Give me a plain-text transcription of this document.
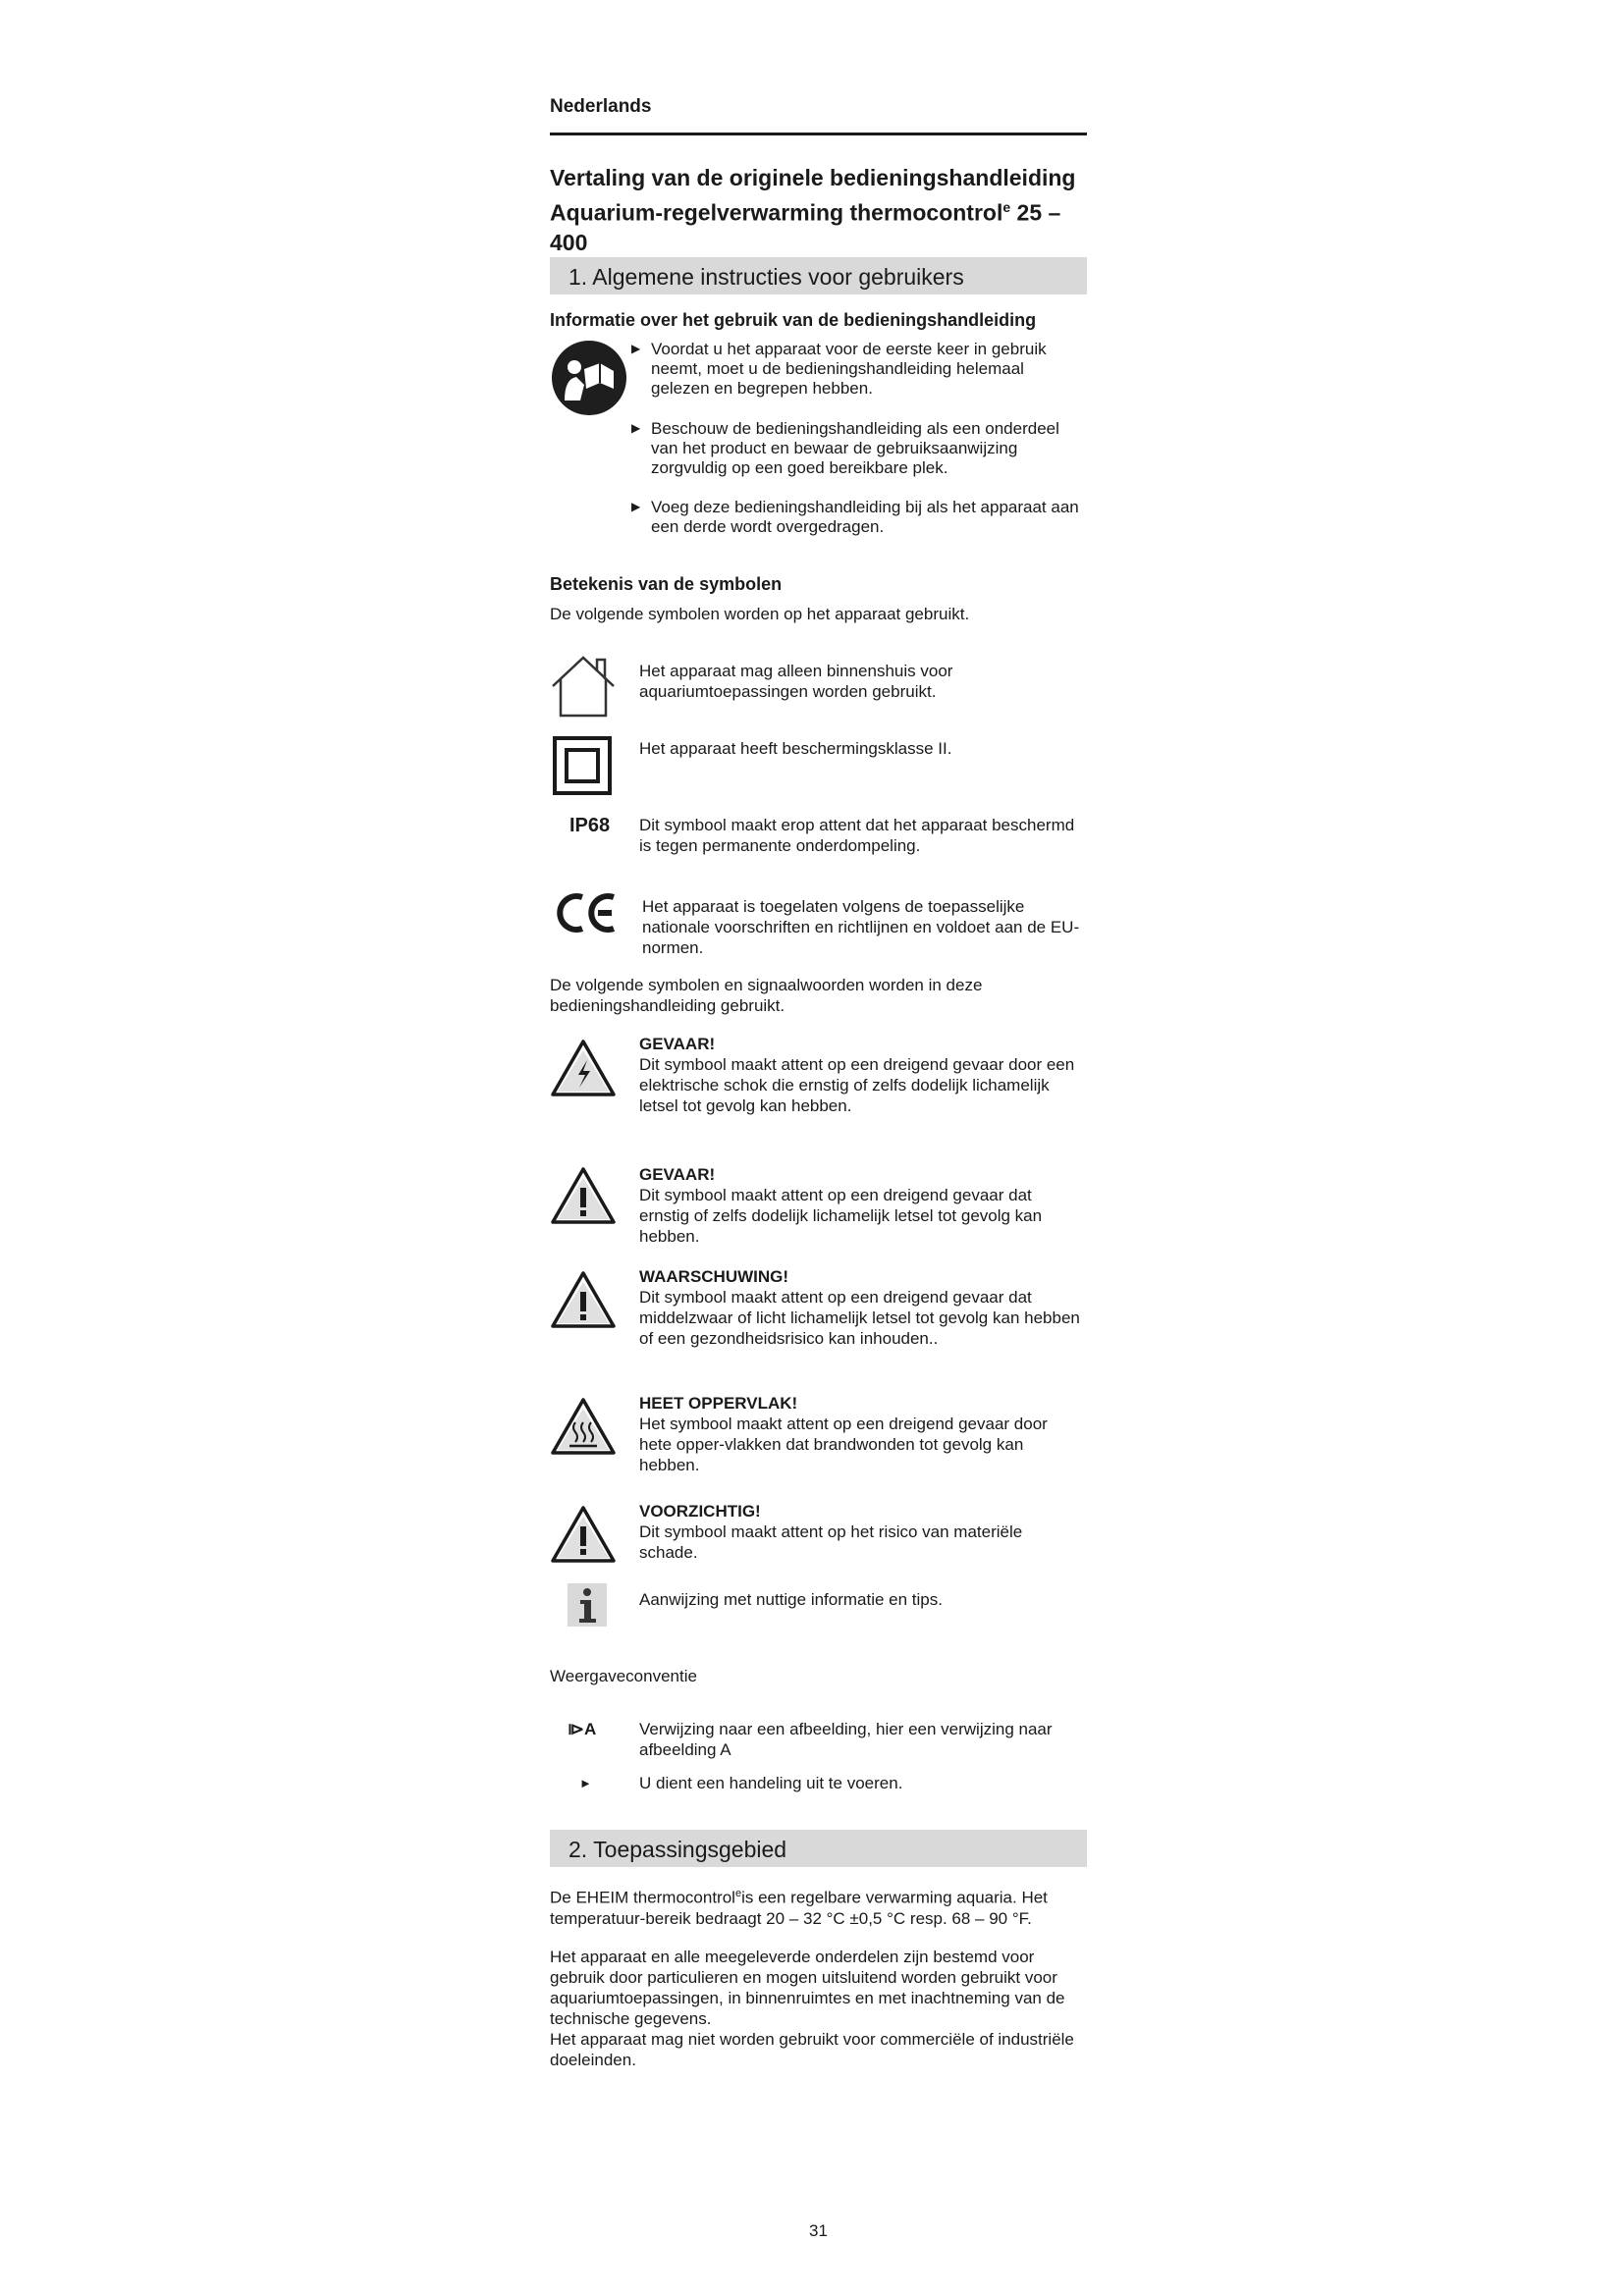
Nederlands
Vertaling van de originele bedieningshandleiding
Aquarium-regelverwarming thermocontrol$^e$ 25 – 400
1. Algemene instructies voor gebruikers
Informatie over het gebruik van de bedieningshandleiding
▶ Voordat u het apparaat voor de eerste keer in gebruik neemt, moet u de bedieningshandleiding helemaal gelezen en begrepen hebben.
▶ Beschouw de bedieningshandleiding als een onderdeel van het product en bewaar de gebruiksaanwijzing zorgvuldig op een goed bereikbare plek.
▶ Voeg deze bedieningshandleiding bij als het apparaat aan een derde wordt overgedragen.
Betekenis van de symbolen
De volgende symbolen worden op het apparaat gebruikt.
Het apparaat mag alleen binnenshuis voor aquariumtoepassingen worden gebruikt.
Het apparaat heeft beschermingsklasse II.
IP68 Dit symbool maakt erop attent dat het apparaat beschermd is tegen permanente onderdompeling.
Het apparaat is toegelaten volgens de toepasselijke nationale voorschriften en richtlijnen en voldoet aan de EU-normen.
De volgende symbolen en signaalwoorden worden in deze bedieningshandleiding gebruikt.
GEVAAR!
Dit symbool maakt attent op een dreigend gevaar door een elektrische schok die ernstig of zelfs dodelijk lichamelijk letsel tot gevolg kan hebben.
GEVAAR!
Dit symbool maakt attent op een dreigend gevaar dat ernstig of zelfs dodelijk lichamelijk letsel tot gevolg kan hebben.
WAARSCHUWING!
Dit symbool maakt attent op een dreigend gevaar dat middelzwaar of licht lichamelijk letsel tot gevolg kan hebben of een gezondheidsrisico kan inhouden..
HEET OPPERVLAK!
Het symbool maakt attent op een dreigend gevaar door hete opper-vlakken dat brandwonden tot gevolg kan hebben.
VOORZICHTIG!
Dit symbool maakt attent op het risico van materiële schade.
Aanwijzing met nuttige informatie en tips.
Weergaveconventie
⧐A	Verwijzing naar een afbeelding, hier een verwijzing naar afbeelding A
►	U dient een handeling uit te voeren.
2. Toepassingsgebied
De EHEIM thermocontrol$^e$is een regelbare verwarming aquaria. Het temperatuur-bereik bedraagt 20 – 32 °C ±0,5 °C resp. 68 – 90 °F.
Het apparaat en alle meegeleverde onderdelen zijn bestemd voor gebruik door particulieren en mogen uitsluitend worden gebruikt voor aquariumtoepassingen, in binnenruimtes en met inachtneming van de technische gegevens.
Het apparaat mag niet worden gebruikt voor commerciële of industriële doeleinden.
31
